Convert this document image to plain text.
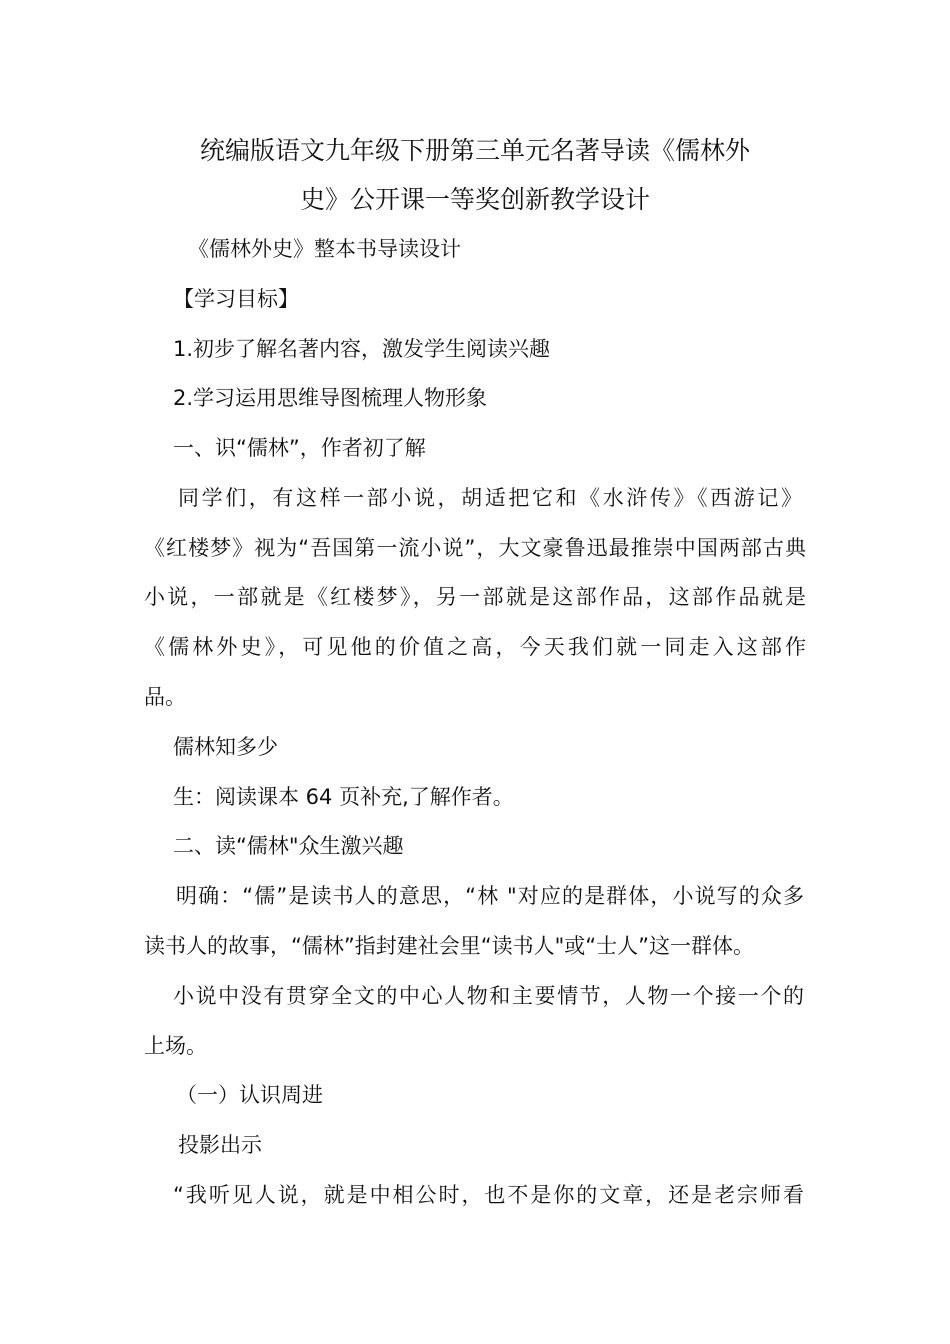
统编版语文九年级下册第三单元名著导读《儒林外
史》公开课一等奖创新教学设计
《儒林外史》整本书导读设计
【学习目标】
1.初步了解名著内容，激发学生阅读兴趣
2.学习运用思维导图梳理人物形象
一、识“儒林”，作者初了解
同学们，有这样一部小说，胡适把它和《水浒传》《西游记》
《红楼梦》视为“吾国第一流小说”，大文豪鲁迅最推崇中国两部古典
小说，一部就是《红楼梦》，另一部就是这部作品，这部作品就是
《儒林外史》，可见他的价值之高，今天我们就一同走入这部作
品。
儒林知多少
生：阅读课本 64 页补充,了解作者。
二、读“儒林"众生激兴趣
明确：“儒”是读书人的意思，“林 "对应的是群体，小说写的众多
读书人的故事，“儒林”指封建社会里“读书人"或“士人”这一群体。
小说中没有贯穿全文的中心人物和主要情节，人物一个接一个的
上场。
（一）认识周进
投影出示
“我听见人说，就是中相公时，也不是你的文章，还是老宗师看
